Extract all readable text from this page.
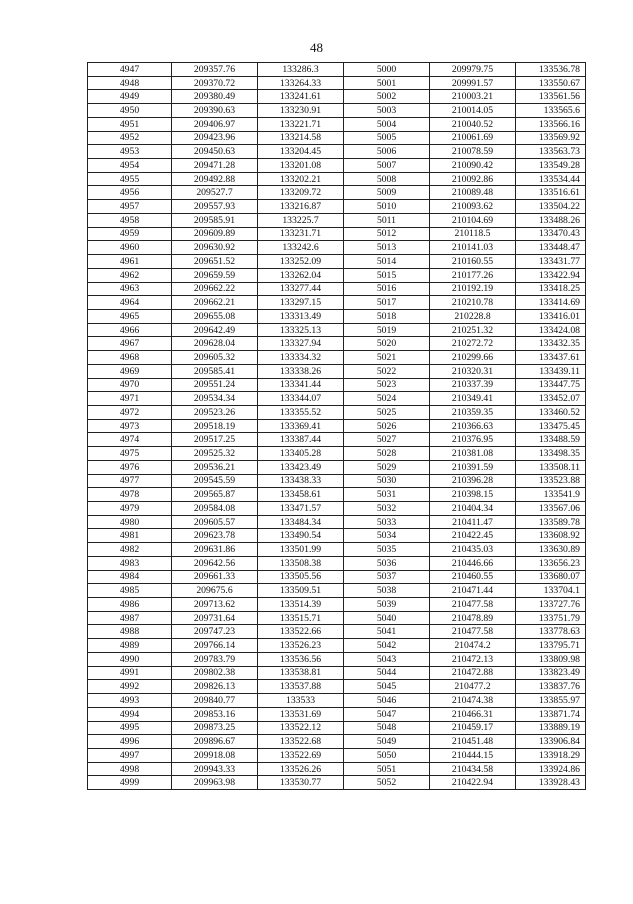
48
4947	209357.76	133286.3	5000	209979.75	133536.78
4948	209370.72	133264.33	5001	209991.57	133550.67
4949	209380.49	133241.61	5002	210003.21	133561.56
4950	209390.63	133230.91	5003	210014.05	133565.6
4951	209406.97	133221.71	5004	210040.52	133566.16
4952	209423.96	133214.58	5005	210061.69	133569.92
4953	209450.63	133204.45	5006	210078.59	133563.73
4954	209471.28	133201.08	5007	210090.42	133549.28
4955	209492.88	133202.21	5008	210092.86	133534.44
4956	209527.7	133209.72	5009	210089.48	133516.61
4957	209557.93	133216.87	5010	210093.62	133504.22
4958	209585.91	133225.7	5011	210104.69	133488.26
4959	209609.89	133231.71	5012	210118.5	133470.43
4960	209630.92	133242.6	5013	210141.03	133448.47
4961	209651.52	133252.09	5014	210160.55	133431.77
4962	209659.59	133262.04	5015	210177.26	133422.94
4963	209662.22	133277.44	5016	210192.19	133418.25
4964	209662.21	133297.15	5017	210210.78	133414.69
4965	209655.08	133313.49	5018	210228.8	133416.01
4966	209642.49	133325.13	5019	210251.32	133424.08
4967	209628.04	133327.94	5020	210272.72	133432.35
4968	209605.32	133334.32	5021	210299.66	133437.61
4969	209585.41	133338.26	5022	210320.31	133439.11
4970	209551.24	133341.44	5023	210337.39	133447.75
4971	209534.34	133344.07	5024	210349.41	133452.07
4972	209523.26	133355.52	5025	210359.35	133460.52
4973	209518.19	133369.41	5026	210366.63	133475.45
4974	209517.25	133387.44	5027	210376.95	133488.59
4975	209525.32	133405.28	5028	210381.08	133498.35
4976	209536.21	133423.49	5029	210391.59	133508.11
4977	209545.59	133438.33	5030	210396.28	133523.88
4978	209565.87	133458.61	5031	210398.15	133541.9
4979	209584.08	133471.57	5032	210404.34	133567.06
4980	209605.57	133484.34	5033	210411.47	133589.78
4981	209623.78	133490.54	5034	210422.45	133608.92
4982	209631.86	133501.99	5035	210435.03	133630.89
4983	209642.56	133508.38	5036	210446.66	133656.23
4984	209661.33	133505.56	5037	210460.55	133680.07
4985	209675.6	133509.51	5038	210471.44	133704.1
4986	209713.62	133514.39	5039	210477.58	133727.76
4987	209731.64	133515.71	5040	210478.89	133751.79
4988	209747.23	133522.66	5041	210477.58	133778.63
4989	209766.14	133526.23	5042	210474.2	133795.71
4990	209783.79	133536.56	5043	210472.13	133809.98
4991	209802.38	133538.81	5044	210472.88	133823.49
4992	209826.13	133537.88	5045	210477.2	133837.76
4993	209840.77	133533	5046	210474.38	133855.97
4994	209853.16	133531.69	5047	210466.31	133871.74
4995	209873.25	133522.12	5048	210459.17	133889.19
4996	209896.67	133522.68	5049	210451.48	133906.84
4997	209918.08	133522.69	5050	210444.15	133918.29
4998	209943.33	133526.26	5051	210434.58	133924.86
4999	209963.98	133530.77	5052	210422.94	133928.43
